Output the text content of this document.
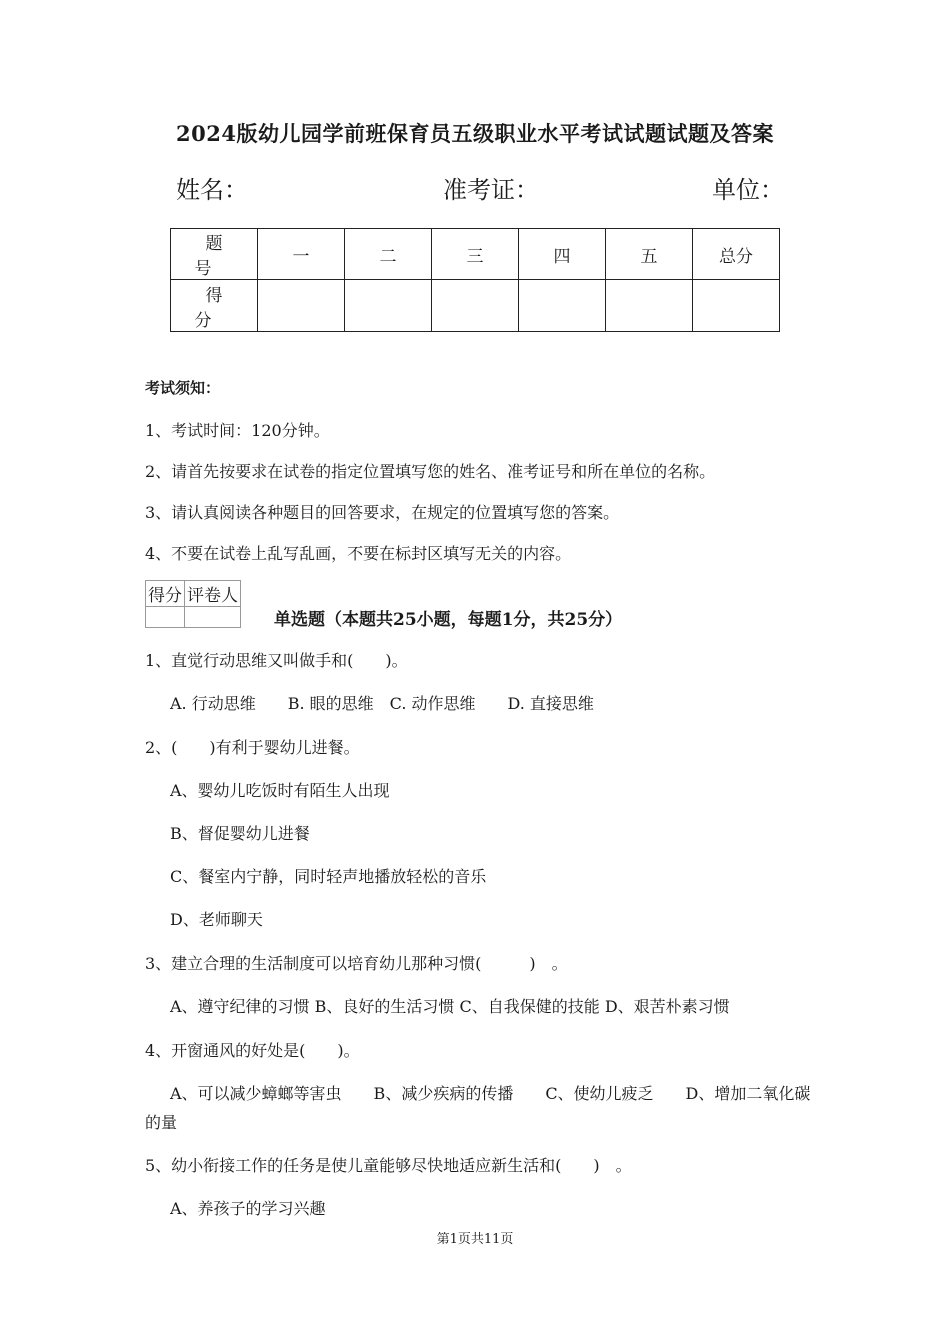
2024版幼儿园学前班保育员五级职业水平考试试题试题及答案
姓名：	准考证：	单位：
题号	一	二	三	四	五	总分
得分						
考试须知：
1、考试时间：120分钟。
2、请首先按要求在试卷的指定位置填写您的姓名、准考证号和所在单位的名称。
3、请认真阅读各种题目的回答要求，在规定的位置填写您的答案。
4、不要在试卷上乱写乱画，不要在标封区填写无关的内容。
得分	评卷人

单选题（本题共25小题，每题1分，共25分）
1、直觉行动思维又叫做手和(　　)。
A. 行动思维　　B. 眼的思维　C. 动作思维　　D. 直接思维
2、(　　)有利于婴幼儿进餐。
A、婴幼儿吃饭时有陌生人出现
B、督促婴幼儿进餐
C、餐室内宁静，同时轻声地播放轻松的音乐
D、老师聊天
3、建立合理的生活制度可以培育幼儿那种习惯(　　　)　。
A、遵守纪律的习惯 B、良好的生活习惯 C、自我保健的技能 D、艰苦朴素习惯
4、开窗通风的好处是(　　)。
A、可以减少蟑螂等害虫　　B、减少疾病的传播　　C、使幼儿疲乏　　D、增加二氧化碳
的量
5、幼小衔接工作的任务是使儿童能够尽快地适应新生活和(　　)　。
A、养孩子的学习兴趣
第1页共11页
